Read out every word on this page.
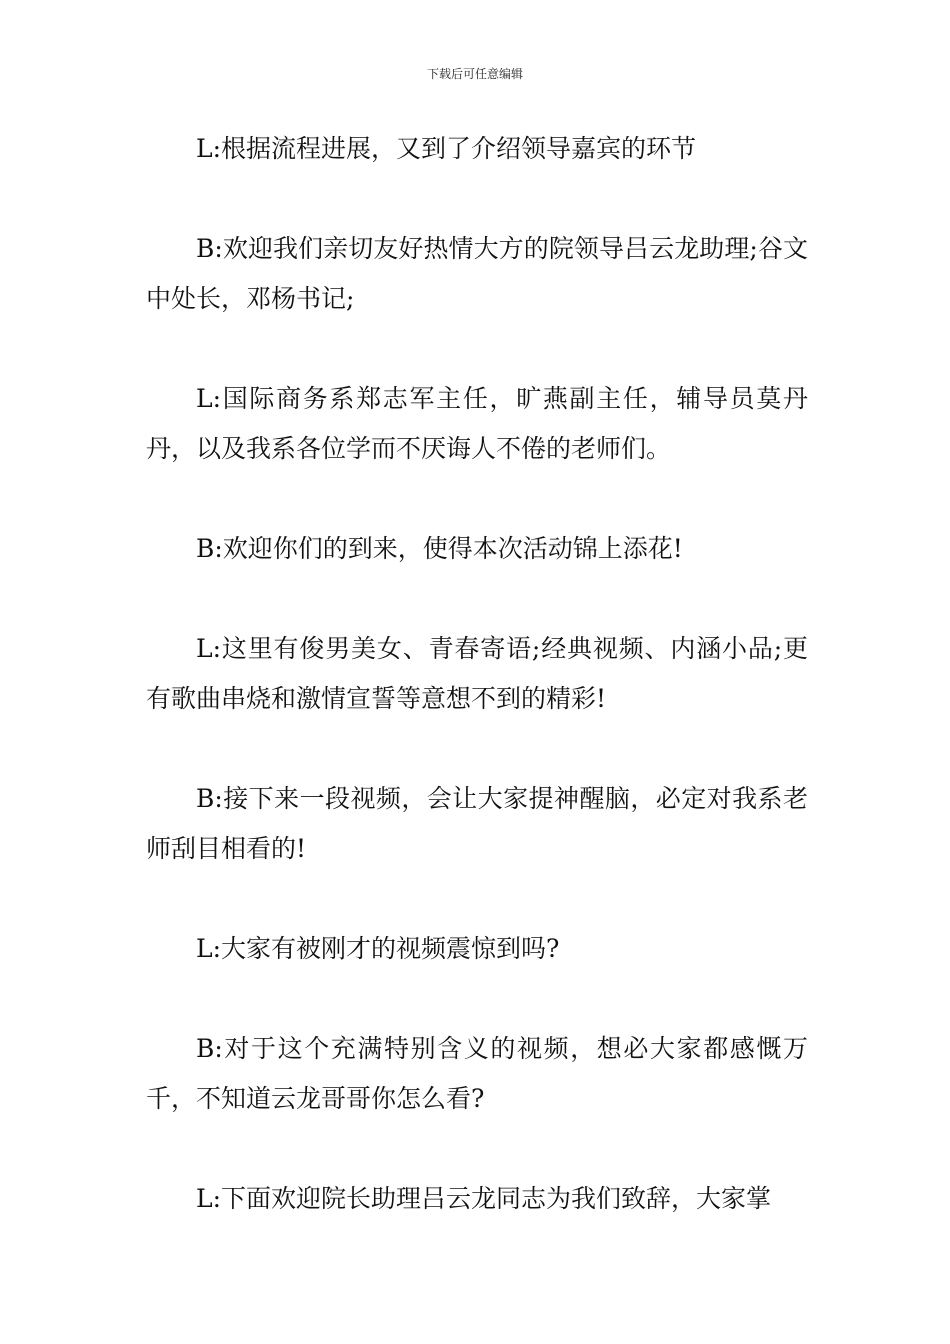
下载后可任意编辑

L:根据流程进展，又到了介绍领导嘉宾的环节

B:欢迎我们亲切友好热情大方的院领导吕云龙助理;谷文中处长，邓杨书记;

L:国际商务系郑志军主任，旷燕副主任，辅导员莫丹丹，以及我系各位学而不厌诲人不倦的老师们。

B:欢迎你们的到来，使得本次活动锦上添花!

L:这里有俊男美女、青春寄语;经典视频、内涵小品;更有歌曲串烧和激情宣誓等意想不到的精彩!

B:接下来一段视频，会让大家提神醒脑，必定对我系老师刮目相看的!

L:大家有被刚才的视频震惊到吗?

B:对于这个充满特别含义的视频，想必大家都感慨万千，不知道云龙哥哥你怎么看?

L:下面欢迎院长助理吕云龙同志为我们致辞，大家掌
